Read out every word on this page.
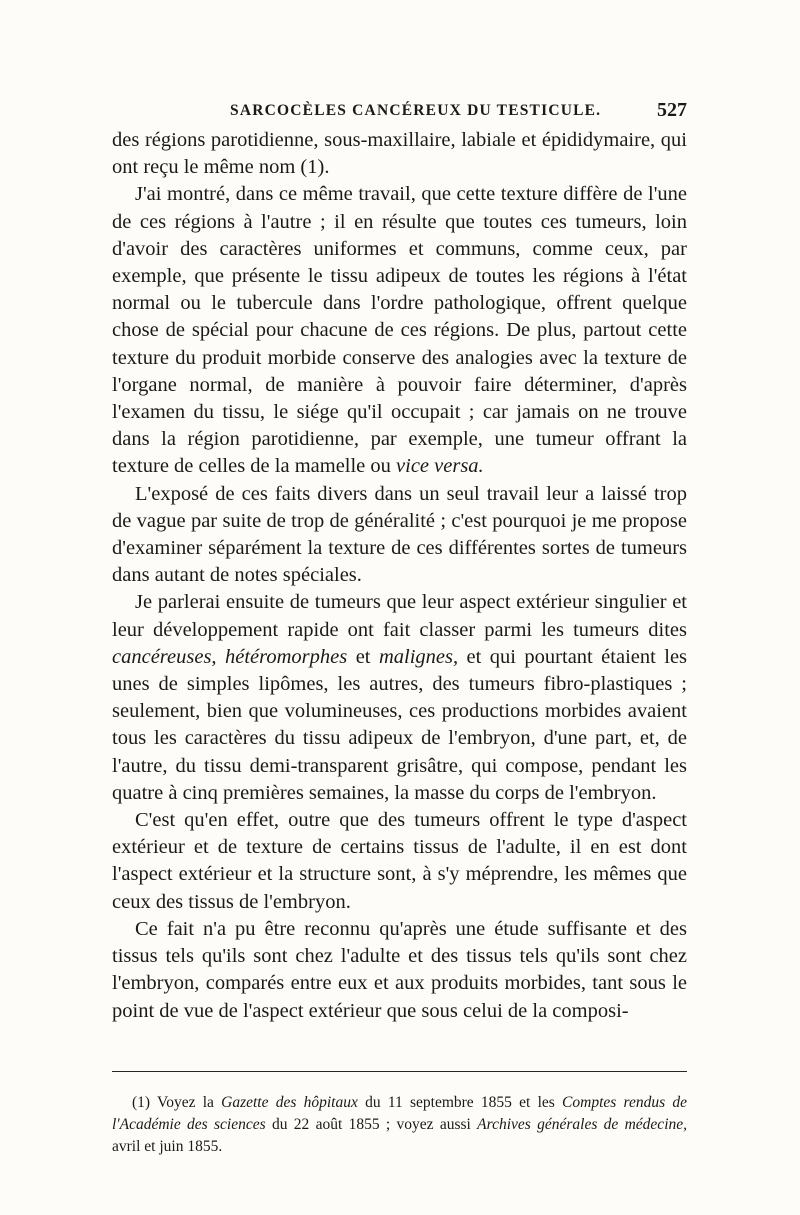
SARCOCÈLES CANCÉREUX DU TESTICULE.	527

des régions parotidienne, sous-maxillaire, labiale et épididymaire, qui ont reçu le même nom (1).

J'ai montré, dans ce même travail, que cette texture diffère de l'une de ces régions à l'autre ; il en résulte que toutes ces tumeurs, loin d'avoir des caractères uniformes et communs, comme ceux, par exemple, que présente le tissu adipeux de toutes les régions à l'état normal ou le tubercule dans l'ordre pathologique, offrent quelque chose de spécial pour chacune de ces régions. De plus, partout cette texture du produit morbide conserve des analogies avec la texture de l'organe normal, de manière à pouvoir faire déterminer, d'après l'examen du tissu, le siége qu'il occupait ; car jamais on ne trouve dans la région parotidienne, par exemple, une tumeur offrant la texture de celles de la mamelle ou vice versa.

L'exposé de ces faits divers dans un seul travail leur a laissé trop de vague par suite de trop de généralité ; c'est pourquoi je me propose d'examiner séparément la texture de ces différentes sortes de tumeurs dans autant de notes spéciales.

Je parlerai ensuite de tumeurs que leur aspect extérieur singulier et leur développement rapide ont fait classer parmi les tumeurs dites cancéreuses, hétéromorphes et malignes, et qui pourtant étaient les unes de simples lipômes, les autres, des tumeurs fibro-plastiques ; seulement, bien que volumineuses, ces productions morbides avaient tous les caractères du tissu adipeux de l'embryon, d'une part, et, de l'autre, du tissu demi-transparent grisâtre, qui compose, pendant les quatre à cinq premières semaines, la masse du corps de l'embryon.

C'est qu'en effet, outre que des tumeurs offrent le type d'aspect extérieur et de texture de certains tissus de l'adulte, il en est dont l'aspect extérieur et la structure sont, à s'y méprendre, les mêmes que ceux des tissus de l'embryon.

Ce fait n'a pu être reconnu qu'après une étude suffisante et des tissus tels qu'ils sont chez l'adulte et des tissus tels qu'ils sont chez l'embryon, comparés entre eux et aux produits morbides, tant sous le point de vue de l'aspect extérieur que sous celui de la composi-

(1) Voyez la Gazette des hôpitaux du 11 septembre 1855 et les Comptes rendus de l'Académie des sciences du 22 août 1855 ; voyez aussi Archives générales de médecine, avril et juin 1855.
